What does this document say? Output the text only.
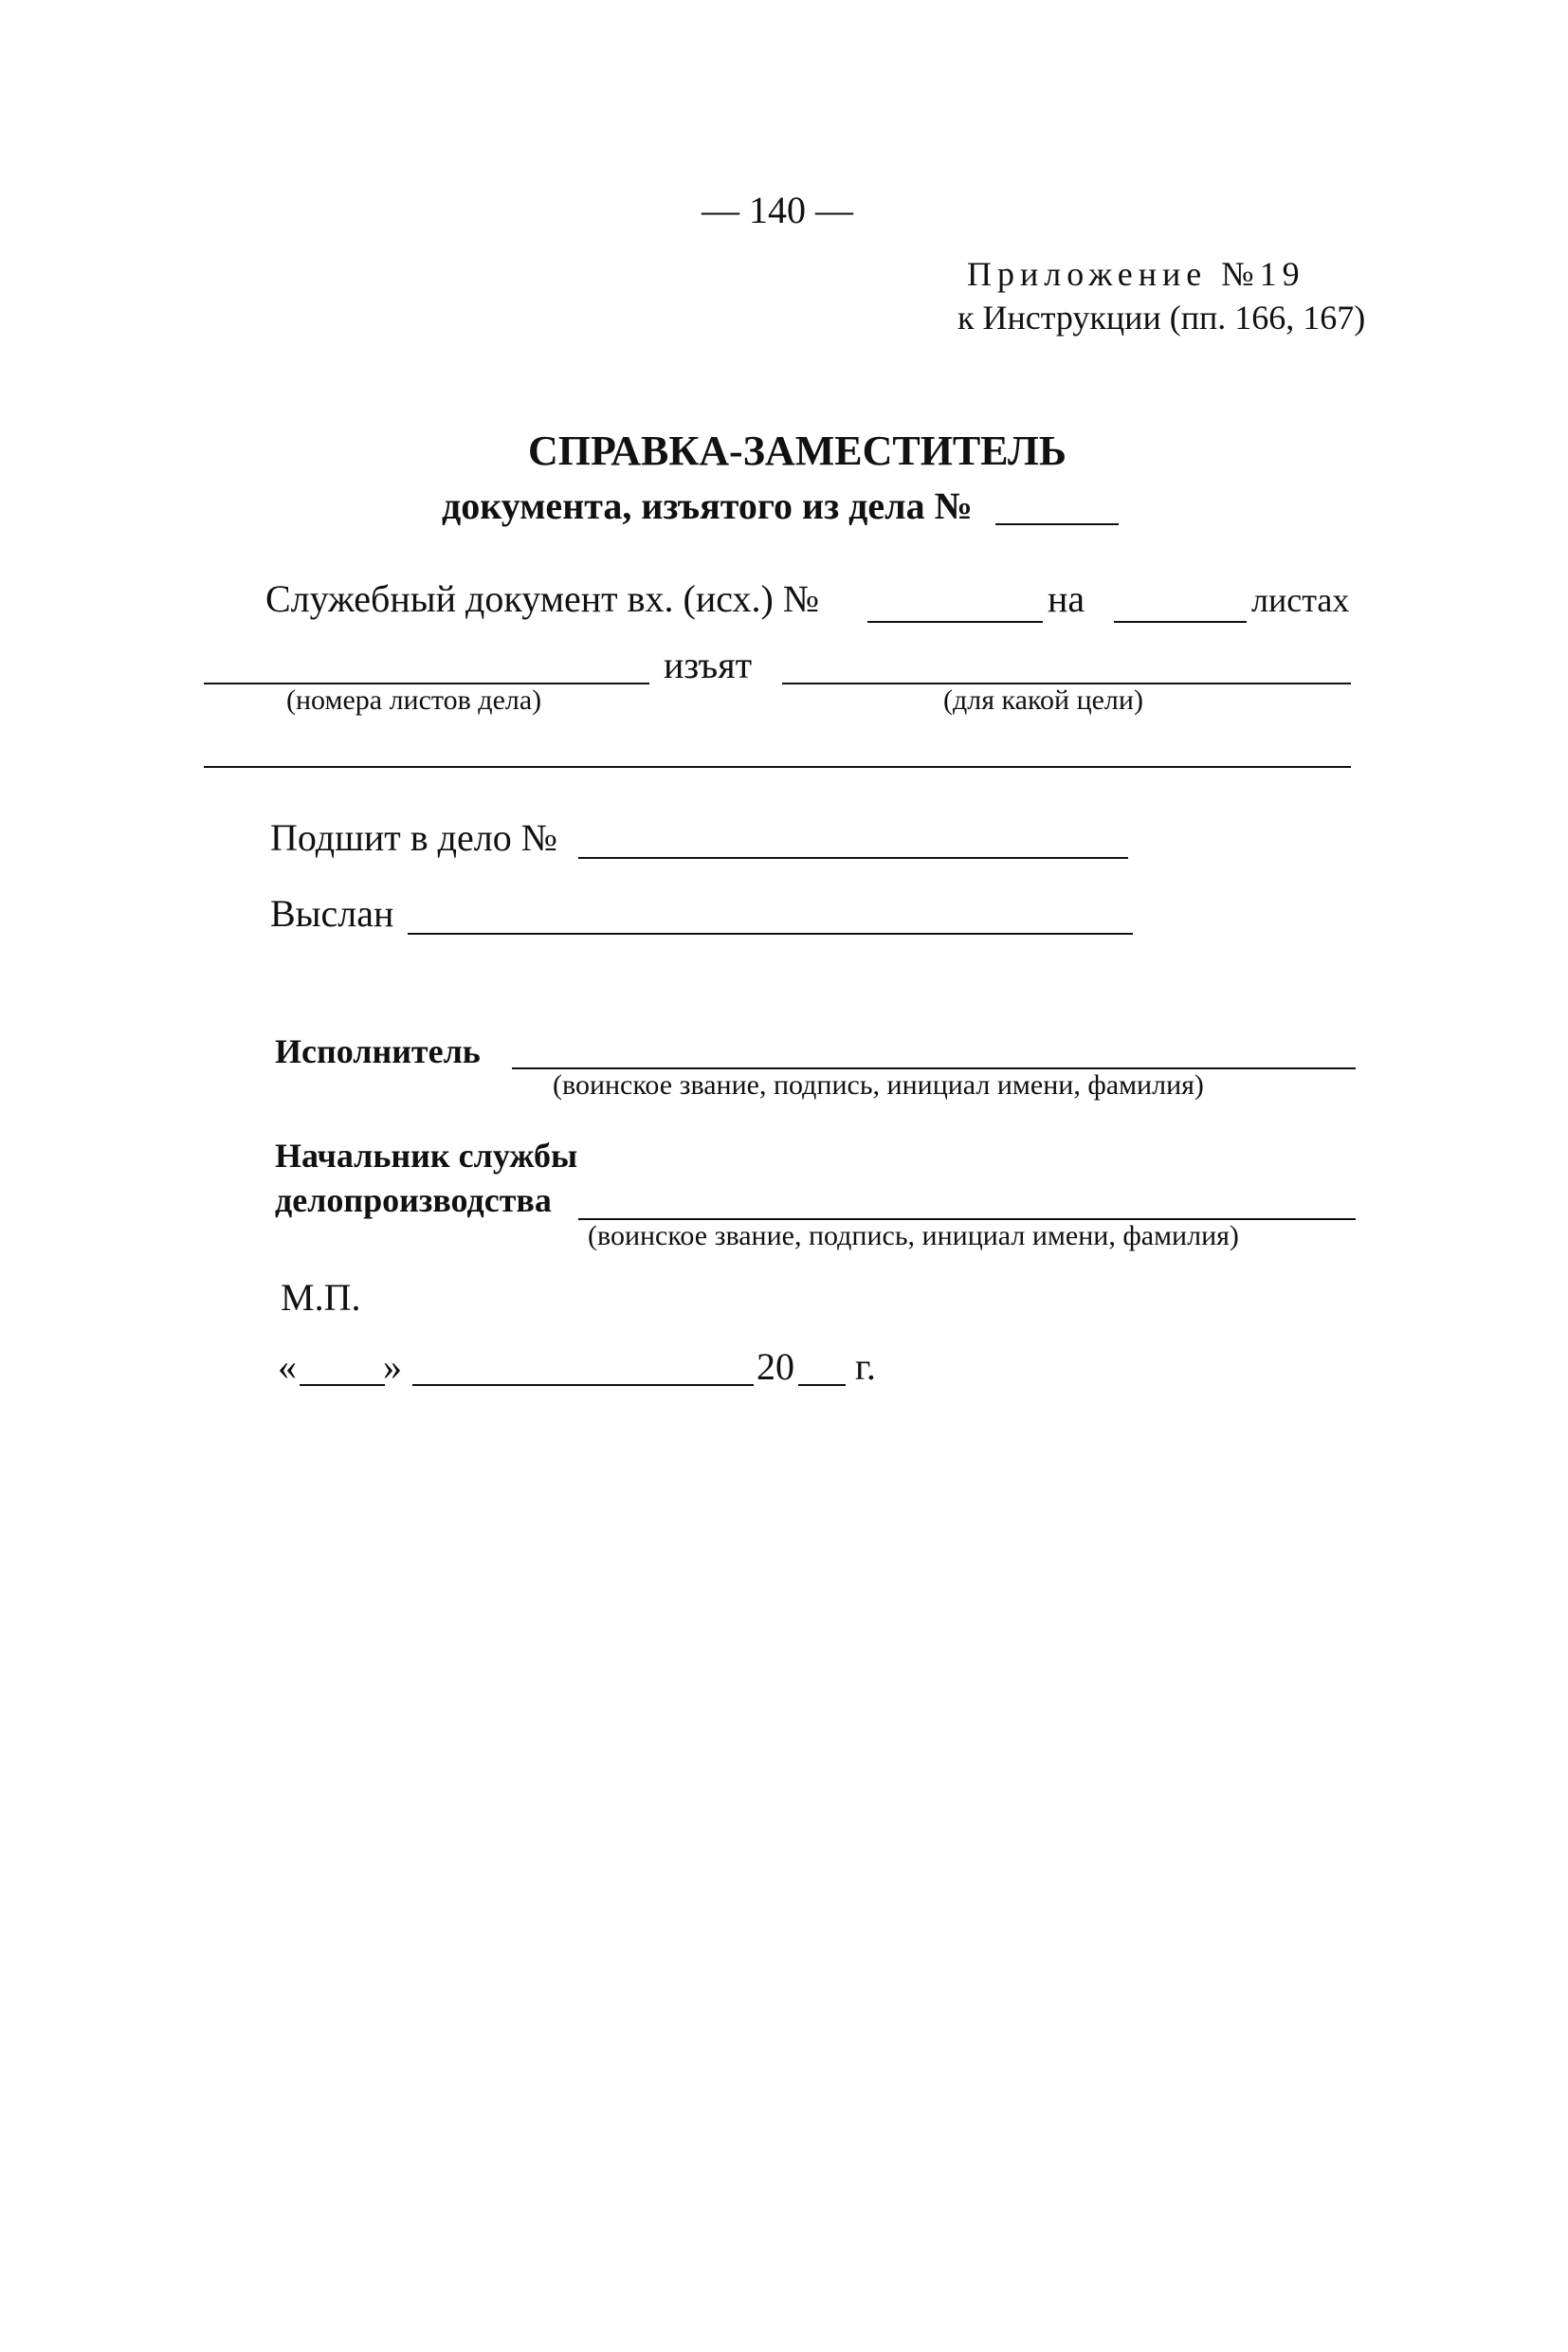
— 140 —
Приложение №19
к Инструкции (пп. 166, 167)
СПРАВКА-ЗАМЕСТИТЕЛЬ
документа, изъятого из дела №
Служебный документ вх. (исх.) №	на	листах
изъят
(номера листов дела)	(для какой цели)
Подшит в дело №
Выслан
Исполнитель
(воинское звание, подпись, инициал имени, фамилия)
Начальник службы
делопроизводства
(воинское звание, подпись, инициал имени, фамилия)
М.П.
« »	20 г.
